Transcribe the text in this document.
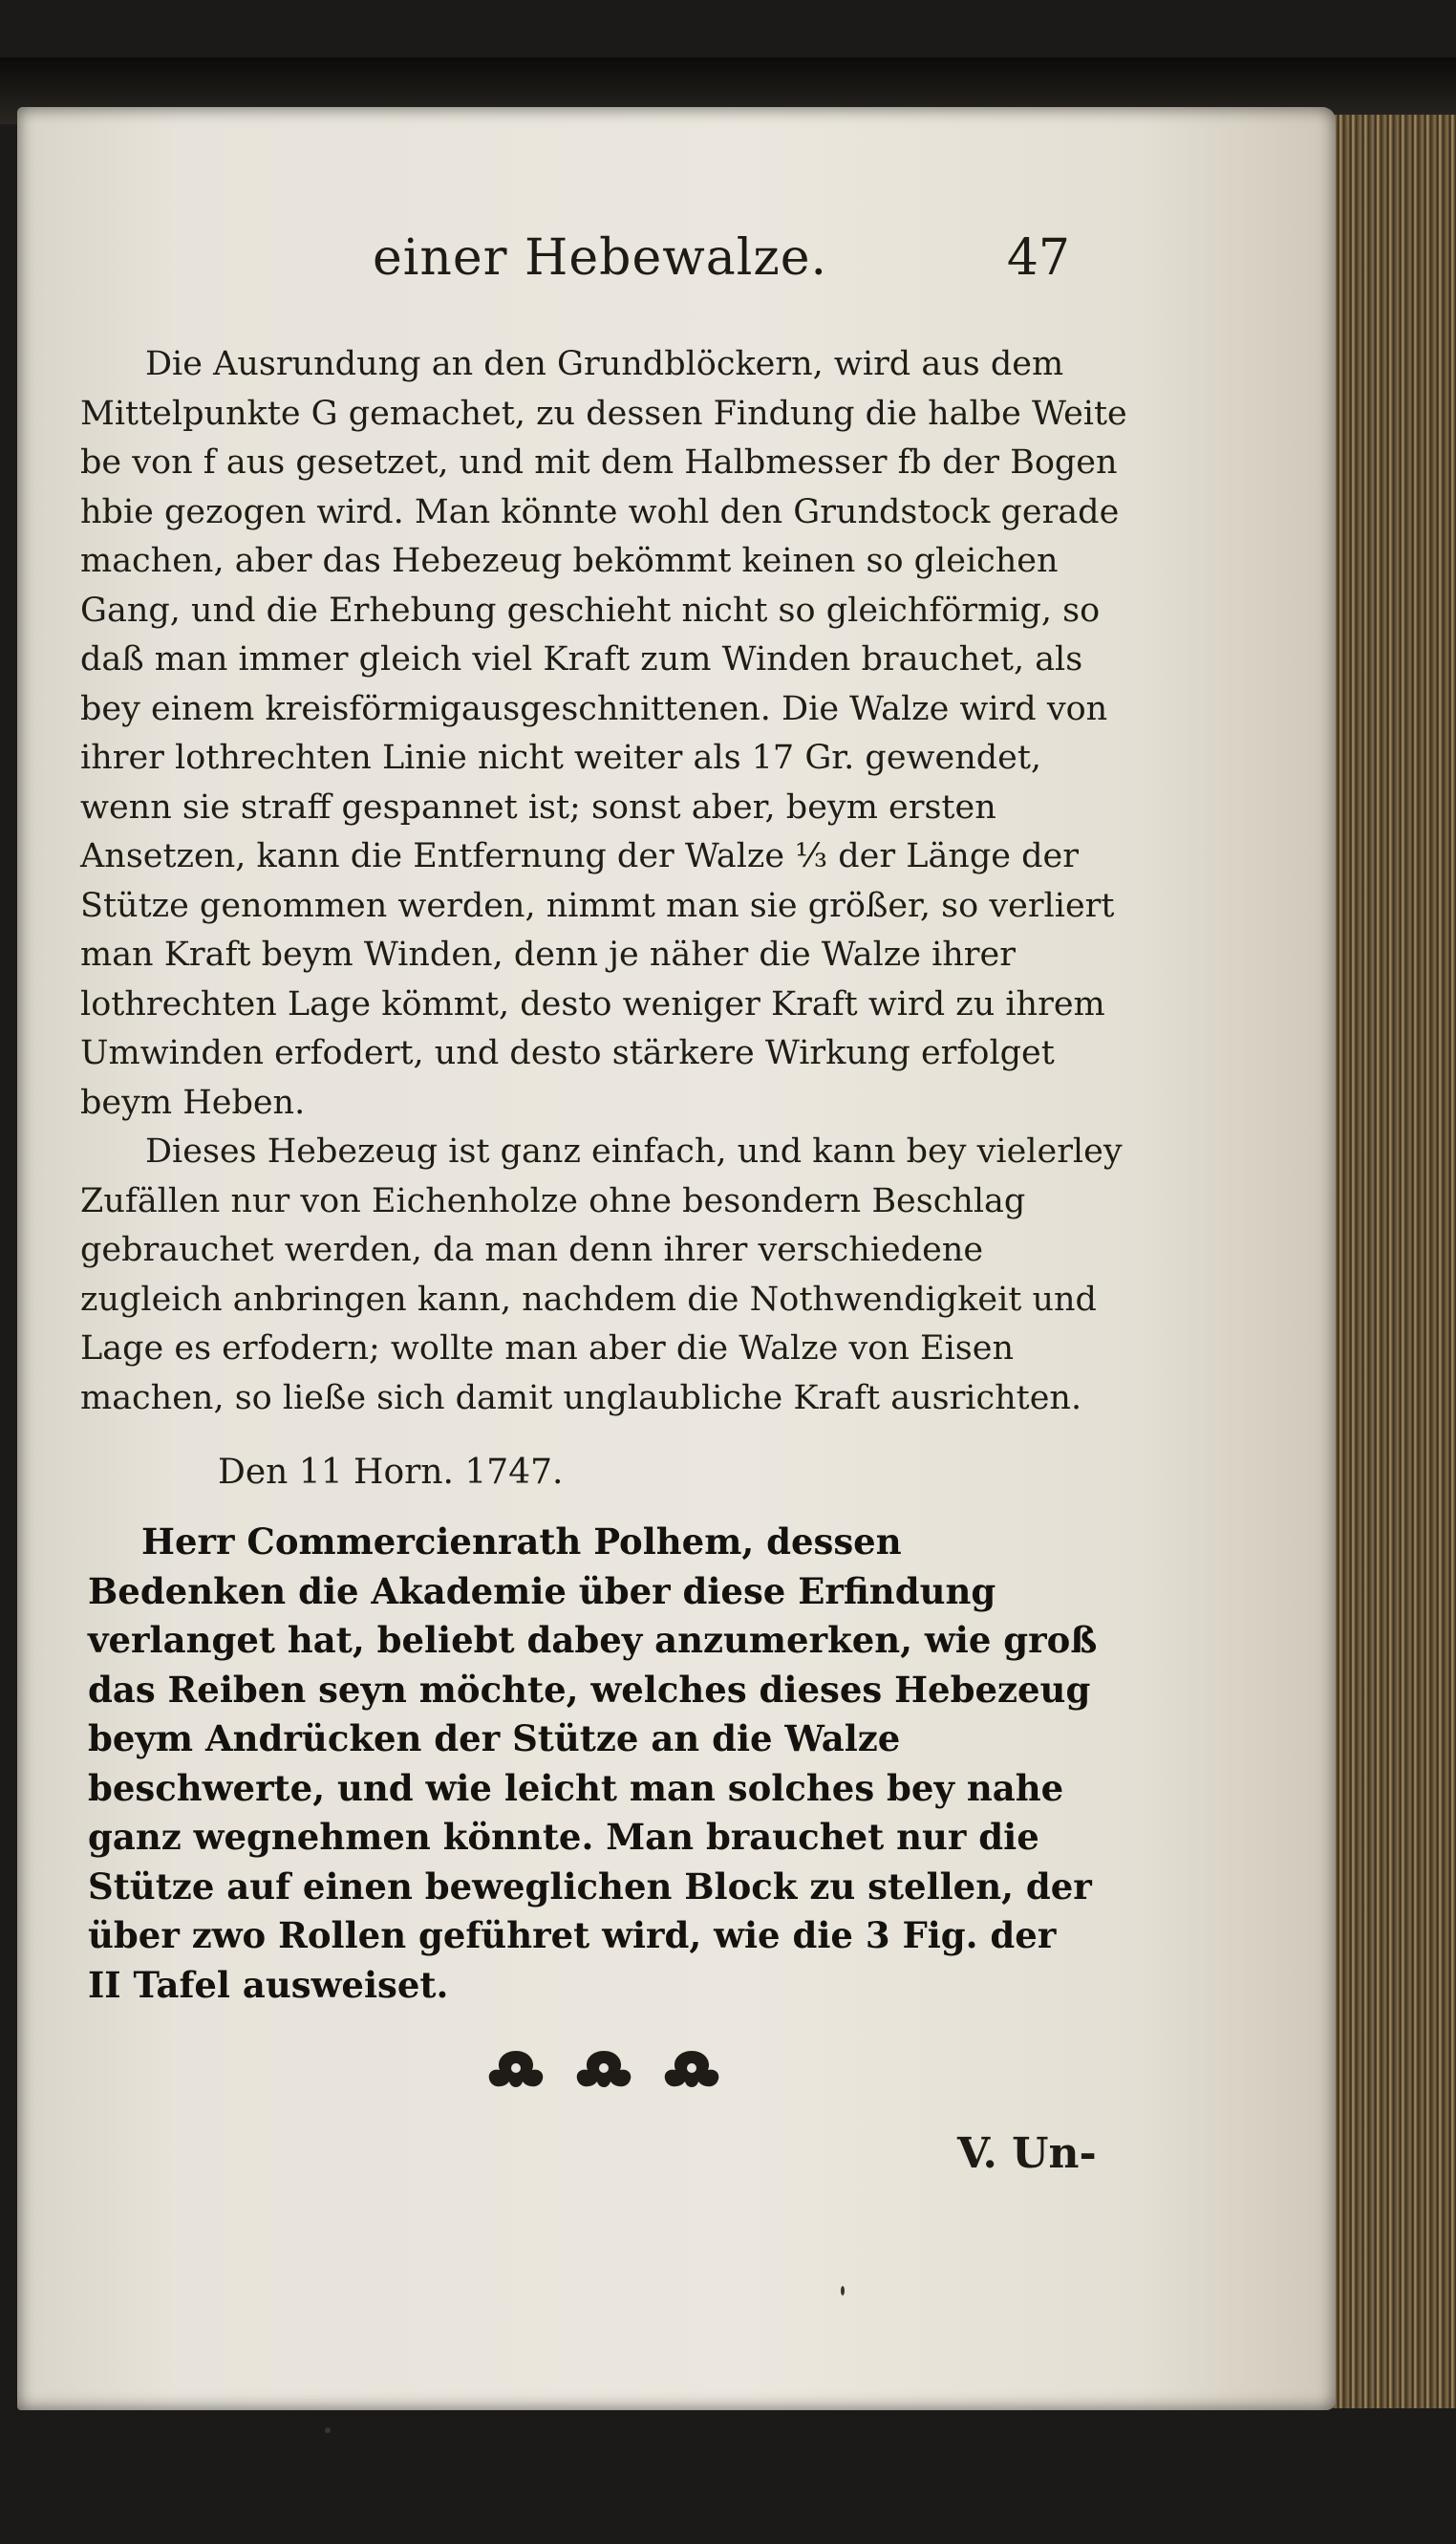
einer Hebewalze.	47

Die Ausrundung an den Grundblöckern, wird aus dem Mittelpunkte G gemachet, zu dessen Findung die halbe Weite be von f aus gesetzet, und mit dem Halbmesser fb der Bogen hbie gezogen wird. Man könnte wohl den Grundstock gerade machen, aber das Hebezeug bekömmt keinen so gleichen Gang, und die Erhebung geschieht nicht so gleichförmig, so daß man immer gleich viel Kraft zum Winden brauchet, als bey einem kreisförmigausgeschnittenen. Die Walze wird von ihrer lothrechten Linie nicht weiter als 17 Gr. gewendet, wenn sie straff gespannet ist; sonst aber, beym ersten Ansetzen, kann die Entfernung der Walze ⅓ der Länge der Stütze genommen werden, nimmt man sie größer, so verliert man Kraft beym Winden, denn je näher die Walze ihrer lothrechten Lage kömmt, desto weniger Kraft wird zu ihrem Umwinden erfodert, und desto stärkere Wirkung erfolget beym Heben.

Dieses Hebezeug ist ganz einfach, und kann bey vielerley Zufällen nur von Eichenholze ohne besondern Beschlag gebrauchet werden, da man denn ihrer verschiedene zugleich anbringen kann, nachdem die Nothwendigkeit und Lage es erfodern; wollte man aber die Walze von Eisen machen, so ließe sich damit unglaubliche Kraft ausrichten.

Den 11 Horn. 1747.

Herr Commercienrath Polhem, dessen Bedenken die Akademie über diese Erfindung verlanget hat, beliebt dabey anzumerken, wie groß das Reiben seyn möchte, welches dieses Hebezeug beym Andrücken der Stütze an die Walze beschwerte, und wie leicht man solches bey nahe ganz wegnehmen könnte. Man brauchet nur die Stütze auf einen beweglichen Block zu stellen, der über zwo Rollen geführet wird, wie die 3 Fig. der II Tafel ausweiset.

V. Un-
